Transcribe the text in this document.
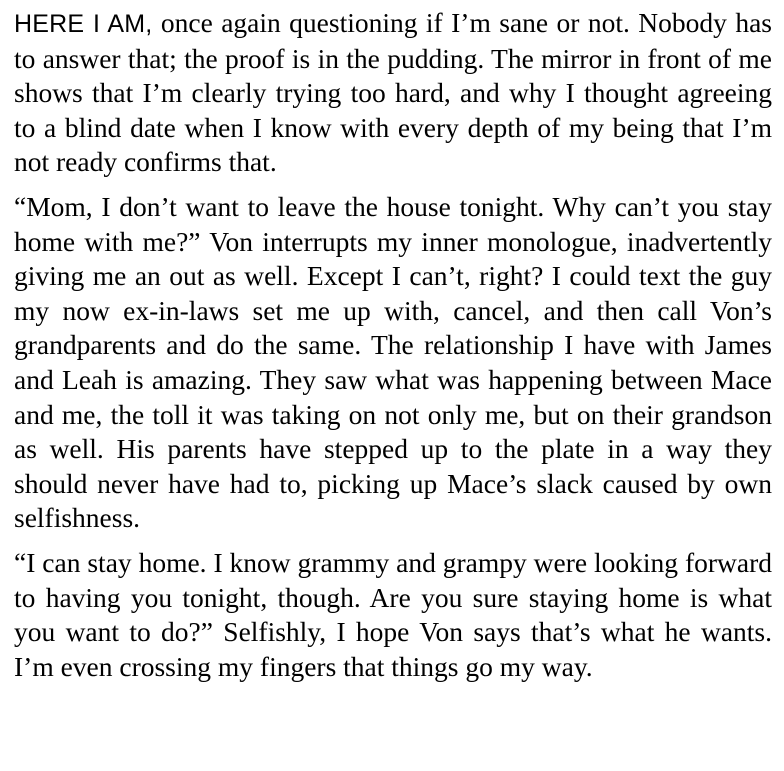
HERE I AM, once again questioning if I’m sane or not. Nobody has to answer that; the proof is in the pudding. The mirror in front of me shows that I’m clearly trying too hard, and why I thought agreeing to a blind date when I know with every depth of my being that I’m not ready confirms that.

“Mom, I don’t want to leave the house tonight. Why can’t you stay home with me?” Von interrupts my inner monologue, inadvertently giving me an out as well. Except I can’t, right? I could text the guy my now ex-in-laws set me up with, cancel, and then call Von’s grandparents and do the same. The relationship I have with James and Leah is amazing. They saw what was happening between Mace and me, the toll it was taking on not only me, but on their grandson as well. His parents have stepped up to the plate in a way they should never have had to, picking up Mace’s slack caused by own selfishness.

“I can stay home. I know grammy and grampy were looking forward to having you tonight, though. Are you sure staying home is what you want to do?” Selfishly, I hope Von says that’s what he wants. I’m even crossing my fingers that things go my way.
